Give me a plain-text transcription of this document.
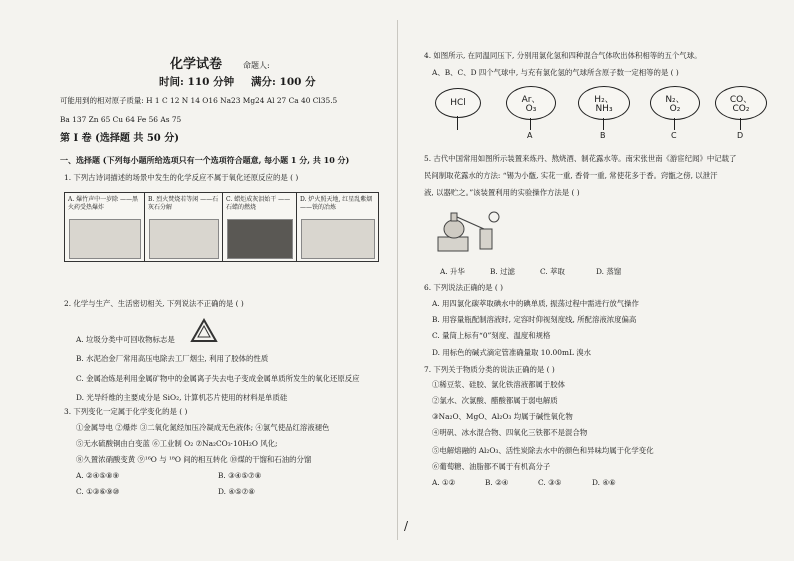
化学试卷	命题人:
时间: 110 分钟 满分: 100 分
可能用到的相对原子质量: H 1 C 12 N 14 O16 Na23 Mg24 Al 27 Ca 40 Cl35.5
Ba 137 Zn 65 Cu 64 Fe 56 As 75
第 I 卷 (选择题 共 50 分)
一、选择题 (下列每小题所给选项只有一个选项符合题意, 每小题 1 分, 共 10 分)
1. 下列古诗词描述的场景中发生的化学反应不属于氧化还原反应的是 ( )
A. 爆竹声中一岁除 ——黑火药受热爆炸
B. 烈火焚烧若等闲 ——石灰石分解
C. 蜡炬成灰泪始干 ——石蜡的燃烧
D. 炉火照天地, 红星乱紫烟 ——铁的冶炼
2. 化学与生产、生活密切相关, 下列说法不正确的是 ( )
A. 垃圾分类中可回收物标志是
B. 水泥冶金厂常用高压电除去工厂烟尘, 利用了胶体的性质
C. 金属冶炼是利用金属矿物中的金属离子失去电子变成金属单质所发生的氧化还原反应
D. 光导纤维的主要成分是 SiO₂, 计算机芯片使用的材料是单质硅
3. 下列变化一定属于化学变化的是 ( )
①金属导电 ②爆炸 ③二氧化氮经加压冷凝成无色液体; ④氯气使品红溶液褪色
⑤无水硫酸铜由白变蓝 ⑥工业制 O₂ ⑦Na₂CO₃·10H₂O 风化;
⑧久置浓硝酸变黄 ⑨¹⁶O 与 ¹⁸O 间的相互转化 ⑩煤的干馏和石油的分馏
A. ②④⑤⑧⑨	B. ③④⑤⑦⑧
C. ①③⑥⑨⑩	D. ④⑤⑦⑧
4. 如图所示, 在同温同压下, 分别用氯化氢和四种混合气体吹出体积相等的五个气球。
A、B、C、D 四个气球中, 与充有氯化氢的气球所含原子数一定相等的是 ( )
HCl	Ar、
O₃
A
H₂、
NH₃
B
N₂、
O₂
C
CO、
CO₂
D
5. 古代中国常用如图所示装置来炼丹、熬烧酒、制花露水等。南宋张世南《游宦纪闻》中记载了
民间制取花露水的方法: “锡为小甑, 实花一重, 香骨一重, 常使花多于香。窍甑之傍, 以泄汗
液, 以器贮之。”该装置利用的实验操作方法是 ( )
A. 升华	B. 过滤	C. 萃取	D. 蒸馏
6. 下列说法正确的是 ( )
A. 用四氯化碳萃取碘水中的碘单质, 振荡过程中需进行放气操作
B. 用容量瓶配制溶液时, 定容时仰视刻度线, 所配溶液浓度偏高
C. 量筒上标有“0”刻度、温度和规格
D. 用标色的碱式滴定管准确量取 10.00mL 溴水
7. 下列关于物质分类的说法正确的是 ( )
①稀豆浆、硅胶、氯化铁溶液都属于胶体
②氯水、次氯酸、醋酸都属于弱电解质
③Na₂O、MgO、Al₂O₃ 均属于碱性氧化物
④明矾、冰水混合物、四氧化三铁都不是混合物
⑤电解熔融的 Al₂O₃、活性炭除去水中的颜色和异味均属于化学变化
⑥葡萄糖、油脂都不属于有机高分子
A. ①②	B. ②④	C. ③⑤	D. ④⑥
/
